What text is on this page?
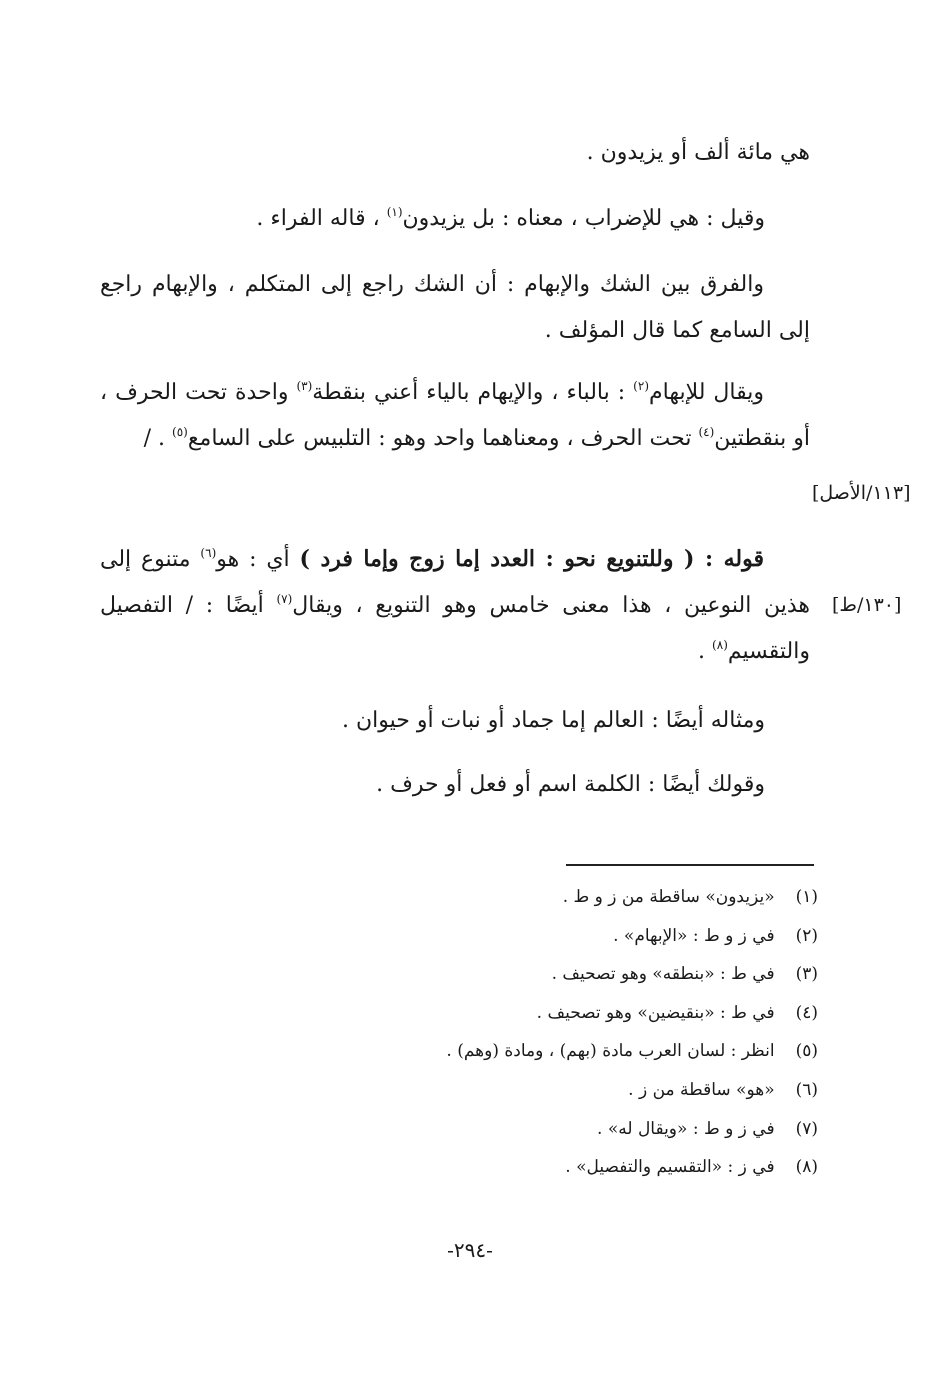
هي مائة ألف أو يزيدون .
وقيل : هي للإضراب ، معناه : بل يزيدون$^{(١)}$ ، قاله الفراء .
والفرق بين الشك والإبهام : أن الشك راجع إلى المتكلم ، والإبهام راجع إلى السامع كما قال المؤلف .
ويقال للإبهام$^{(٢)}$ : بالباء ، والإيهام بالياء أعني بنقطة$^{(٣)}$ واحدة تحت الحرف ، أو بنقطتين$^{(٤)}$ تحت الحرف ، ومعناهما واحد وهو : التلبيس على السامع$^{(٥)}$ . /
[١١٣/الأصل]
قوله : ( وللتنويع نحو : العدد إما زوج وإما فرد ) أي : هو$^{(٦)}$ متنوع إلى هذين النوعين ، هذا معنى خامس وهو التنويع ، ويقال$^{(٧)}$ أيضًا : / التفصيل والتقسيم$^{(٨)}$ .
[١٣٠/ط]
ومثاله أيضًا : العالم إما جماد أو نبات أو حيوان .
وقولك أيضًا : الكلمة اسم أو فعل أو حرف .
(١) «يزيدون» ساقطة من ز و ط .
(٢) في ز و ط : «الإبهام» .
(٣) في ط : «بنطقه» وهو تصحيف .
(٤) في ط : «بنقيضين» وهو تصحيف .
(٥) انظر : لسان العرب مادة (بهم) ، ومادة (وهم) .
(٦) «هو» ساقطة من ز .
(٧) في ز و ط : «ويقال له» .
(٨) في ز : «التقسيم والتفصيل» .
-٢٩٤-
